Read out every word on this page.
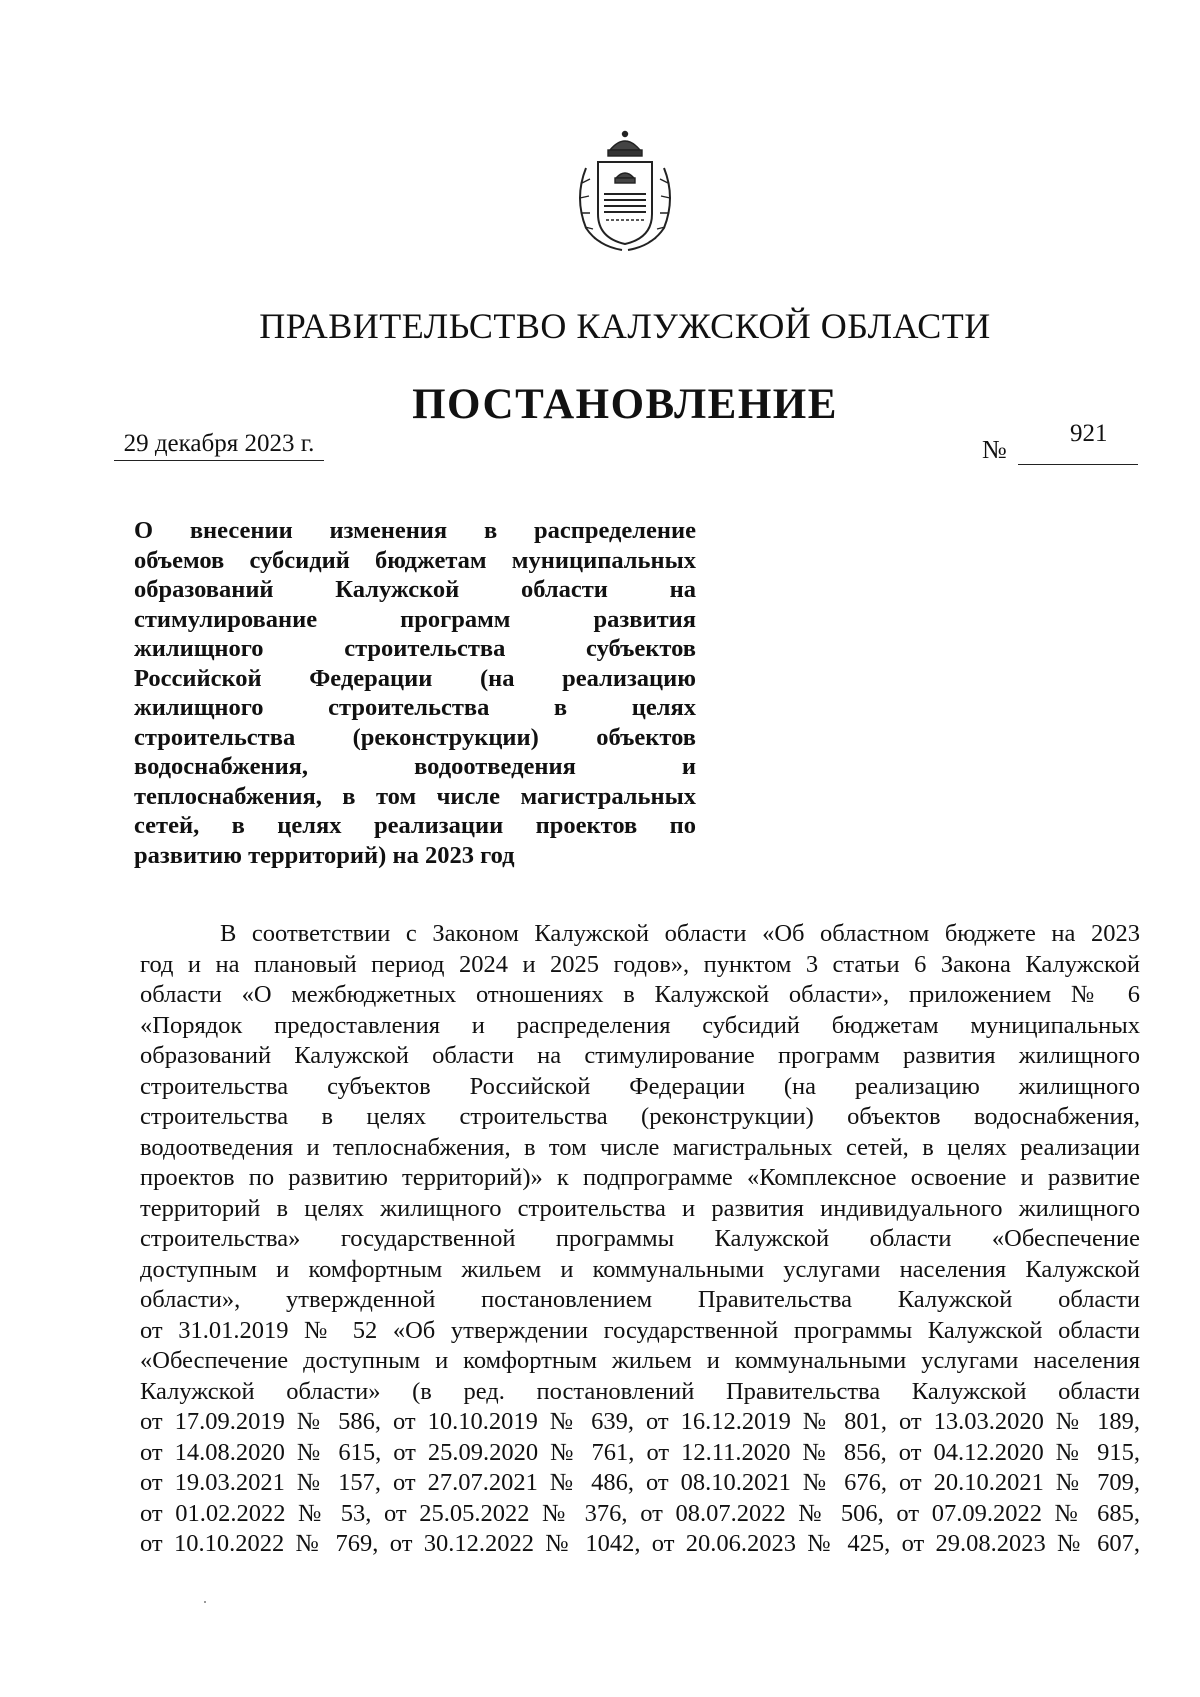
ПРАВИТЕЛЬСТВО КАЛУЖСКОЙ ОБЛАСТИ
ПОСТАНОВЛЕНИЕ
29 декабря 2023 г.	№
921
О внесении изменения в распределение
объемов субсидий бюджетам муниципальных
образований Калужской области на
стимулирование программ развития
жилищного строительства субъектов
Российской Федерации (на реализацию
жилищного строительства в целях
строительства (реконструкции) объектов
водоснабжения, водоотведения и
теплоснабжения, в том числе магистральных
сетей, в целях реализации проектов по
развитию территорий) на 2023 год
В соответствии с Законом Калужской области «Об областном бюджете на 2023
год и на плановый период 2024 и 2025 годов», пунктом 3 статьи 6 Закона Калужской
области «О межбюджетных отношениях в Калужской области», приложением № 6
«Порядок предоставления и распределения субсидий бюджетам муниципальных
образований Калужской области на стимулирование программ развития жилищного
строительства субъектов Российской Федерации (на реализацию жилищного
строительства в целях строительства (реконструкции) объектов водоснабжения,
водоотведения и теплоснабжения, в том числе магистральных сетей, в целях реализации
проектов по развитию территорий)» к подпрограмме «Комплексное освоение и развитие
территорий в целях жилищного строительства и развития индивидуального жилищного
строительства» государственной программы Калужской области «Обеспечение
доступным и комфортным жильем и коммунальными услугами населения Калужской
области», утвержденной постановлением Правительства Калужской области
от 31.01.2019 № 52 «Об утверждении государственной программы Калужской области
«Обеспечение доступным и комфортным жильем и коммунальными услугами населения
Калужской области» (в ред. постановлений Правительства Калужской области
от 17.09.2019 № 586, от 10.10.2019 № 639, от 16.12.2019 № 801, от 13.03.2020 № 189,
от 14.08.2020 № 615, от 25.09.2020 № 761, от 12.11.2020 № 856, от 04.12.2020 № 915,
от 19.03.2021 № 157, от 27.07.2021 № 486, от 08.10.2021 № 676, от 20.10.2021 № 709,
от 01.02.2022 № 53, от 25.05.2022 № 376, от 08.07.2022 № 506, от 07.09.2022 № 685,
от 10.10.2022 № 769, от 30.12.2022 № 1042, от 20.06.2023 № 425, от 29.08.2023 № 607,
